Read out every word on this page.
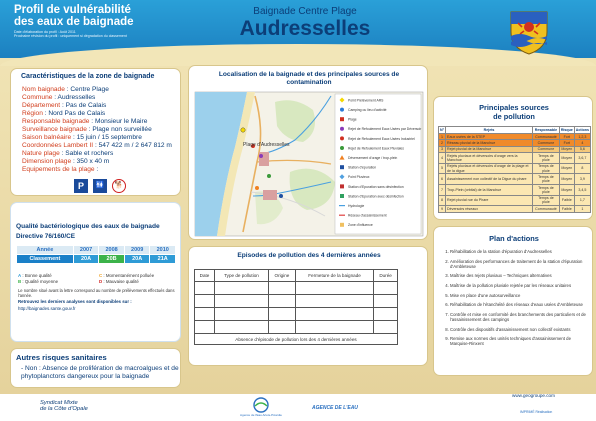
Profil de vulnérabilité
des eaux de baignade
Date d'élaboration du profil : Août 2011
Prochaine révision du profil : uniquement si dégradation du classement
Baignade Centre Plage
Audresselles
Caractéristiques de la zone de baignade
Nom baignade : Centre Plage
Commune : Audresselles
Département : Pas de Calais
Région : Nord Pas de Calais
Responsable baignade : Monsieur le Maire
Surveillance baignade : Plage non surveillée
Saison balnéaire : 15 juin / 15 septembre
Coordonnées Lambert II : 547 422 m / 2 647 812 m
Nature plage : Sable et rochers
Dimension plage : 350 x 40 m
Equipements de la plage :
P	🚻	🐕
Qualité bactériologique des eaux de baignade
Directive 76/160/CE
Année	2007	2008	2009	2010
Classement	20A	20B	20A	21A
A : Bonne qualité	C : Momentanément polluée
B : Qualité moyenne	D : Mauvaise qualité
Le nombre situé avant la lettre correspond au nombre de prélèvements effectués dans l'année.
Retrouvez les derniers analyses sont disponibles sur :
http://baignades.sante.gouv.fr
Autres risques sanitaires
- Non : Absence de prolifération de macroalgues et de phytoplanctons dangereux pour la baignade
Localisation de la baignade et des principales sources de contamination
Plage d'Audresselles
Point Prélèvement ARS
Camping ou lieu d'activité
Plage
Rejet de Refoulement Eaux Usées par Déversoir
Rejet de Refoulement Eaux Usées Industriel
Rejet de Refoulement Eaux Pluviales
Déversement d'orage / trop-plein
Station d'épuration
Point Pluvieux
Station d'Epuration sans désinfection
Station d'Epuration avec désinfection
Hydrologie
Réseau d'assainissement
Zone d'influence
Episodes de pollution des 4 dernières années
Date	Type de pollution	Origine	Fermeture de la baignade	Durée

Absence d'épisode de pollution lors des 4 dernières années				
Principales sources
de pollution
N°	Rejets	Responsable	Risque	Actions
1	Eaux usées de la STEP	Communauté	Fort	1,2,3
2	Réseau pluvial de la Manchue	Commune	Fort	4
3	Rejet pluvial de la Manchue	Commune	Moyen	5,6
4	Rejets pluviaux et déversoirs d'orage vers la Manchue	Temps de pluie	Moyen	3,6,7
5	Rejets pluviaux et déversoirs d'orage de la plage et de la digue	Temps de pluie	Moyen	8
6	Assainissement non collectif de la Digue du phare	Temps de pluie	Moyen	3,9
7	Trop-Plein (orbital) de la Manchue	Temps de pluie	Moyen	3,4,5
8	Rejet pluvial rue du Phare	Temps de pluie	Faible	1,7
9	Déversoirs réseaux	Communauté	Faible	1
Plan d'actions
1. Réhabilitation de la station d'épuration d'Audresselles
2. Amélioration des performances de traitement de la station d'épuration d'Ambleteuse
3. Maîtrise des rejets pluviaux – Techniques alternatives
4. Maîtrise de la pollution pluviale rejetée par les réseaux unitaires
5. Mise en place d'une autosurveillance
6. Réhabilitation de l'étanchéité des réseaux d'eaux usées d'Ambleteuse
7. Contrôle et mise en conformité des branchements des particuliers et de l'assainissement des campings
8. Contrôle des dispositifs d'assainissement non collectif existants
9. Remise aux normes des unités techniques d'assainissement de Marquise-Rinxent
Syndicat Mixte
de la Côte d'Opale
Agence de l'Eau Artois-Picardie
AGENCE DE L'EAU
www.geogroupe.com
IMPRIMÉ Réalisation
